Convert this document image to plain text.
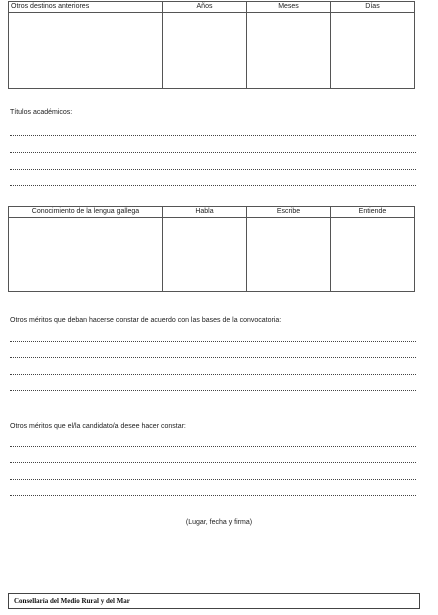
Otros destinos anteriores	Años	Meses	Días

Títulos académicos:
Conocimiento de la lengua gallega	Habla	Escribe	Entiende

Otros méritos que deban hacerse constar de acuerdo con las bases de la convocatoria:
Otros méritos que el/la candidato/a desee hacer constar:
(Lugar, fecha y firma)
Consellaría del Medio Rural y del Mar
